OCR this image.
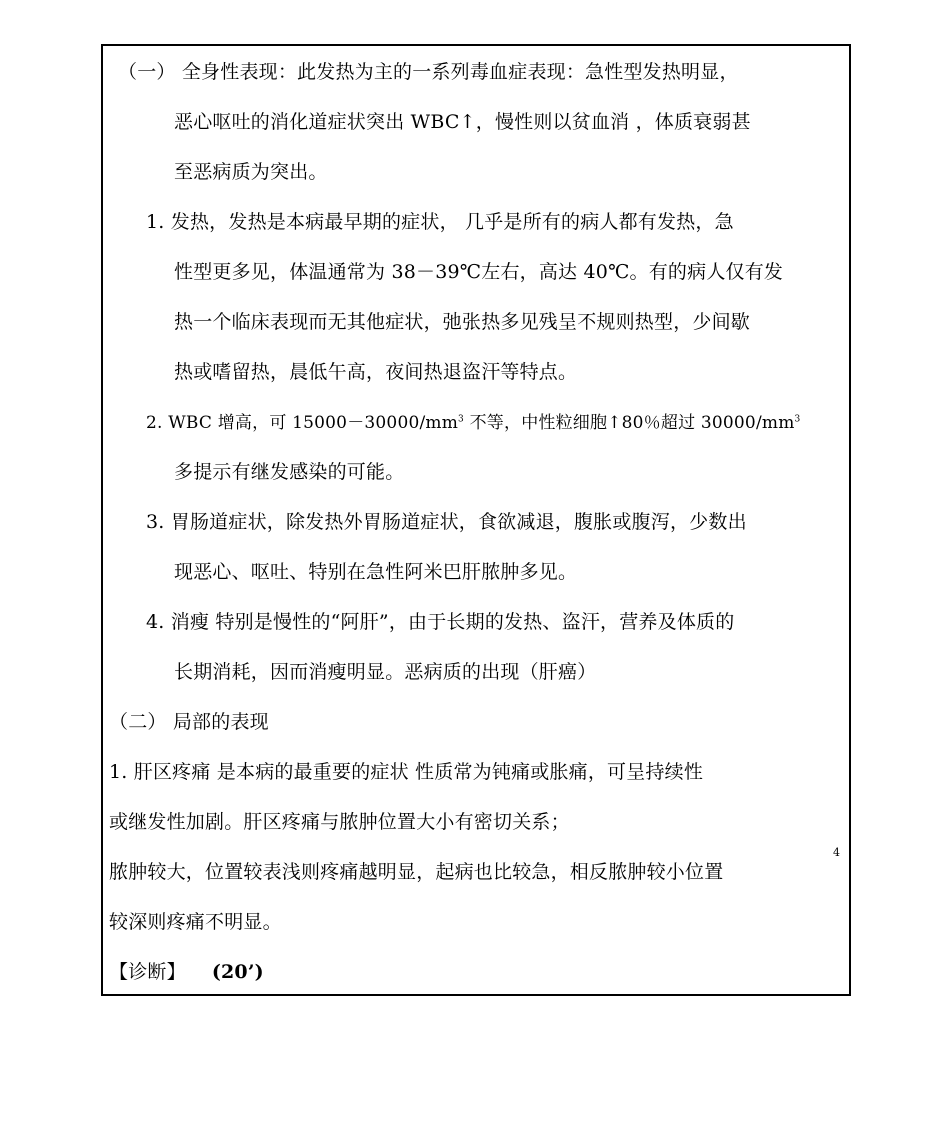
（一） 全身性表现：此发热为主的一系列毒血症表现：急性型发热明显，
恶心呕吐的消化道症状突出 WBC↑，慢性则以贫血消 ，体质衰弱甚
至恶病质为突出。
1. 发热，发热是本病最早期的症状， 几乎是所有的病人都有发热，急
性型更多见，体温通常为 38－39℃左右，高达 40℃。有的病人仅有发
热一个临床表现而无其他症状，弛张热多见残呈不规则热型，少间歇
热或嗜留热，晨低午高，夜间热退盗汗等特点。
2. WBC 增高，可 $15000-30000/mm^3$ 不等，中性粒细胞↑80％超过 $30000/mm^3$
多提示有继发感染的可能。
3. 胃肠道症状，除发热外胃肠道症状，食欲减退，腹胀或腹泻，少数出
现恶心、呕吐、特别在急性阿米巴肝脓肿多见。
4. 消瘦 特别是慢性的“阿肝”，由于长期的发热、盗汗，营养及体质的
长期消耗，因而消瘦明显。恶病质的出现（肝癌）
（二） 局部的表现
1. 肝区疼痛 是本病的最重要的症状 性质常为钝痛或胀痛，可呈持续性
或继发性加剧。肝区疼痛与脓肿位置大小有密切关系；
脓肿较大，位置较表浅则疼痛越明显，起病也比较急，相反脓肿较小位置
较深则疼痛不明显。
【诊断】 (20’)
4
